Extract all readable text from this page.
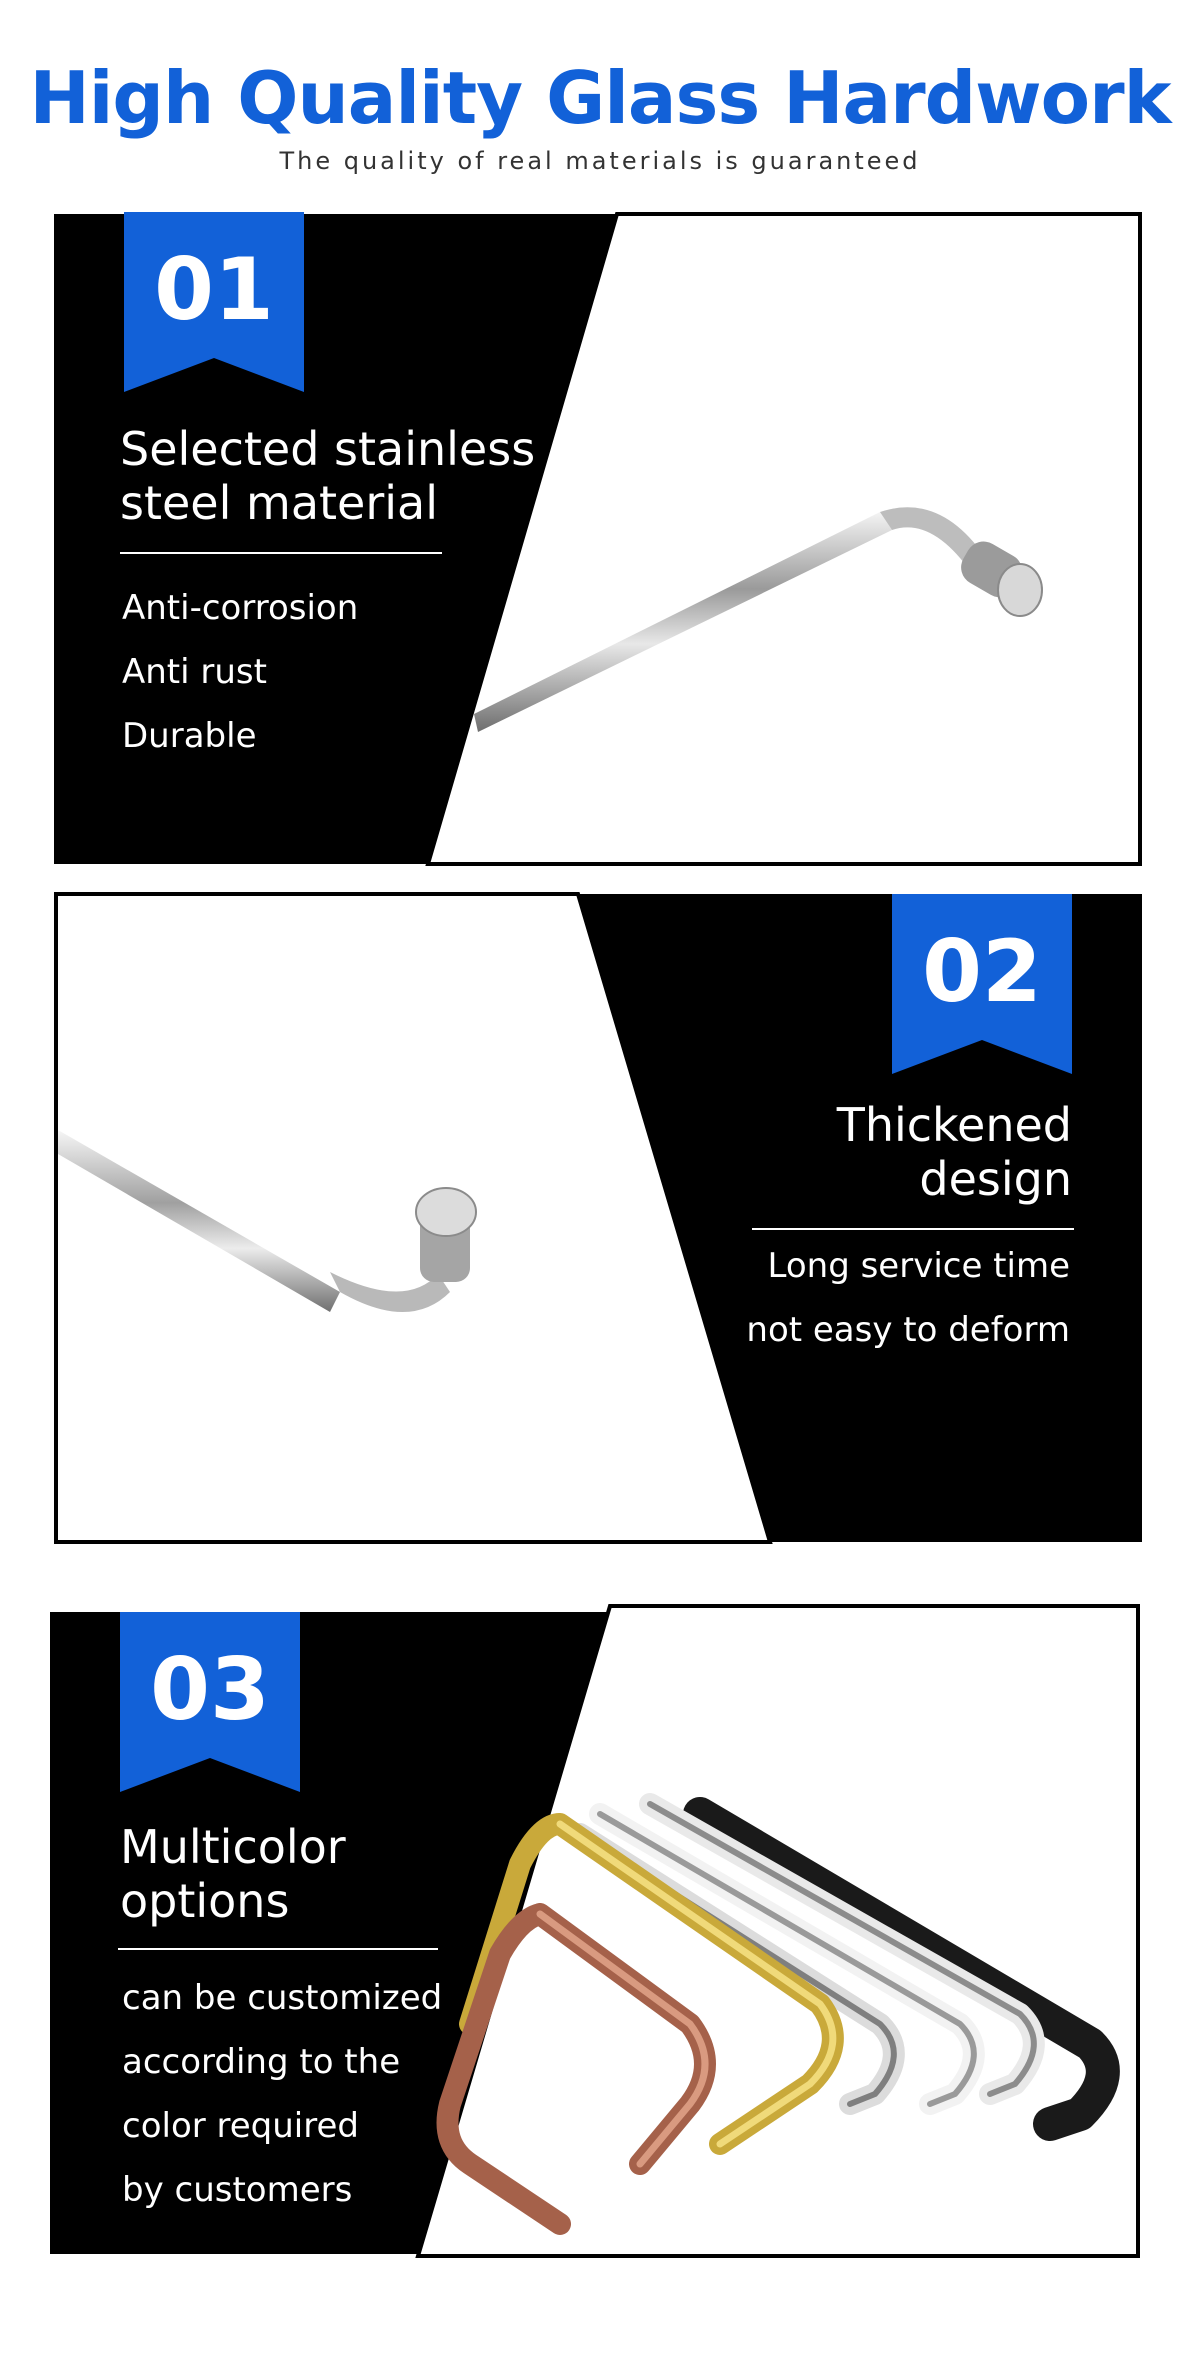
High Quality Glass Hardwork
The quality of real materials is guaranteed
01
Selected stainless
steel material
Anti-corrosion
Anti rust
Durable
02
Thickened
design
Long service time
not easy to deform
03
Multicolor
options
can be customized
according to the
color required
by customers
